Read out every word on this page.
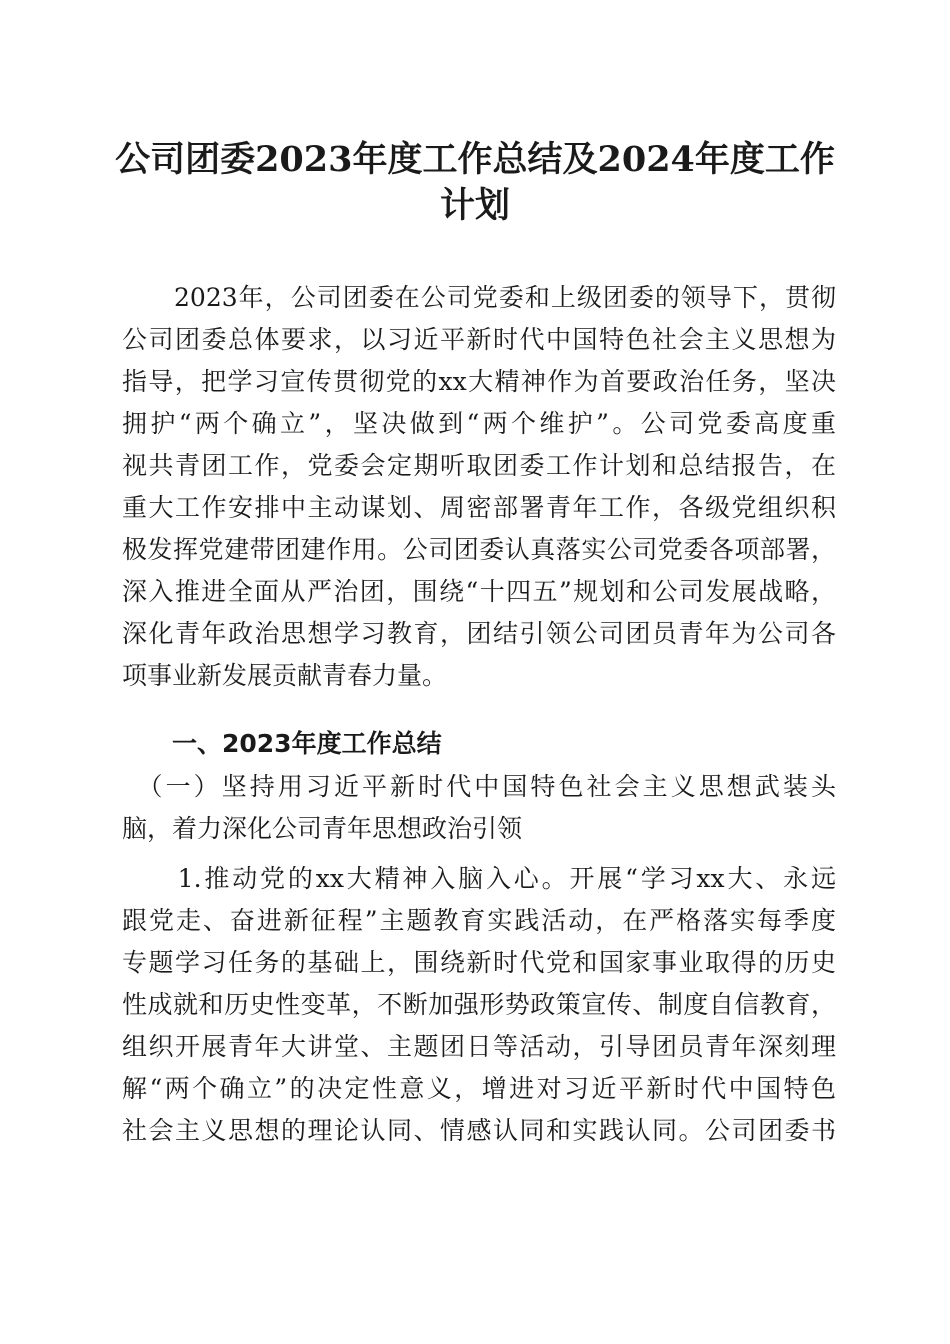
公司团委2023年度工作总结及2024年度工作
计划
　　2023年，公司团委在公司党委和上级团委的领导下，贯彻
公司团委总体要求，以习近平新时代中国特色社会主义思想为
指导，把学习宣传贯彻党的xx大精神作为首要政治任务，坚决
拥护“两个确立”，坚决做到“两个维护”。公司党委高度重
视共青团工作，党委会定期听取团委工作计划和总结报告，在
重大工作安排中主动谋划、周密部署青年工作，各级党组织积
极发挥党建带团建作用。公司团委认真落实公司党委各项部署，
深入推进全面从严治团，围绕“十四五”规划和公司发展战略，
深化青年政治思想学习教育，团结引领公司团员青年为公司各
项事业新发展贡献青春力量。
一、2023年度工作总结
　（一）坚持用习近平新时代中国特色社会主义思想武装头
脑，着力深化公司青年思想政治引领
　　1.推动党的xx大精神入脑入心。开展“学习xx大、永远
跟党走、奋进新征程”主题教育实践活动，在严格落实每季度
专题学习任务的基础上，围绕新时代党和国家事业取得的历史
性成就和历史性变革，不断加强形势政策宣传、制度自信教育，
组织开展青年大讲堂、主题团日等活动，引导团员青年深刻理
解“两个确立”的决定性意义，增进对习近平新时代中国特色
社会主义思想的理论认同、情感认同和实践认同。公司团委书
